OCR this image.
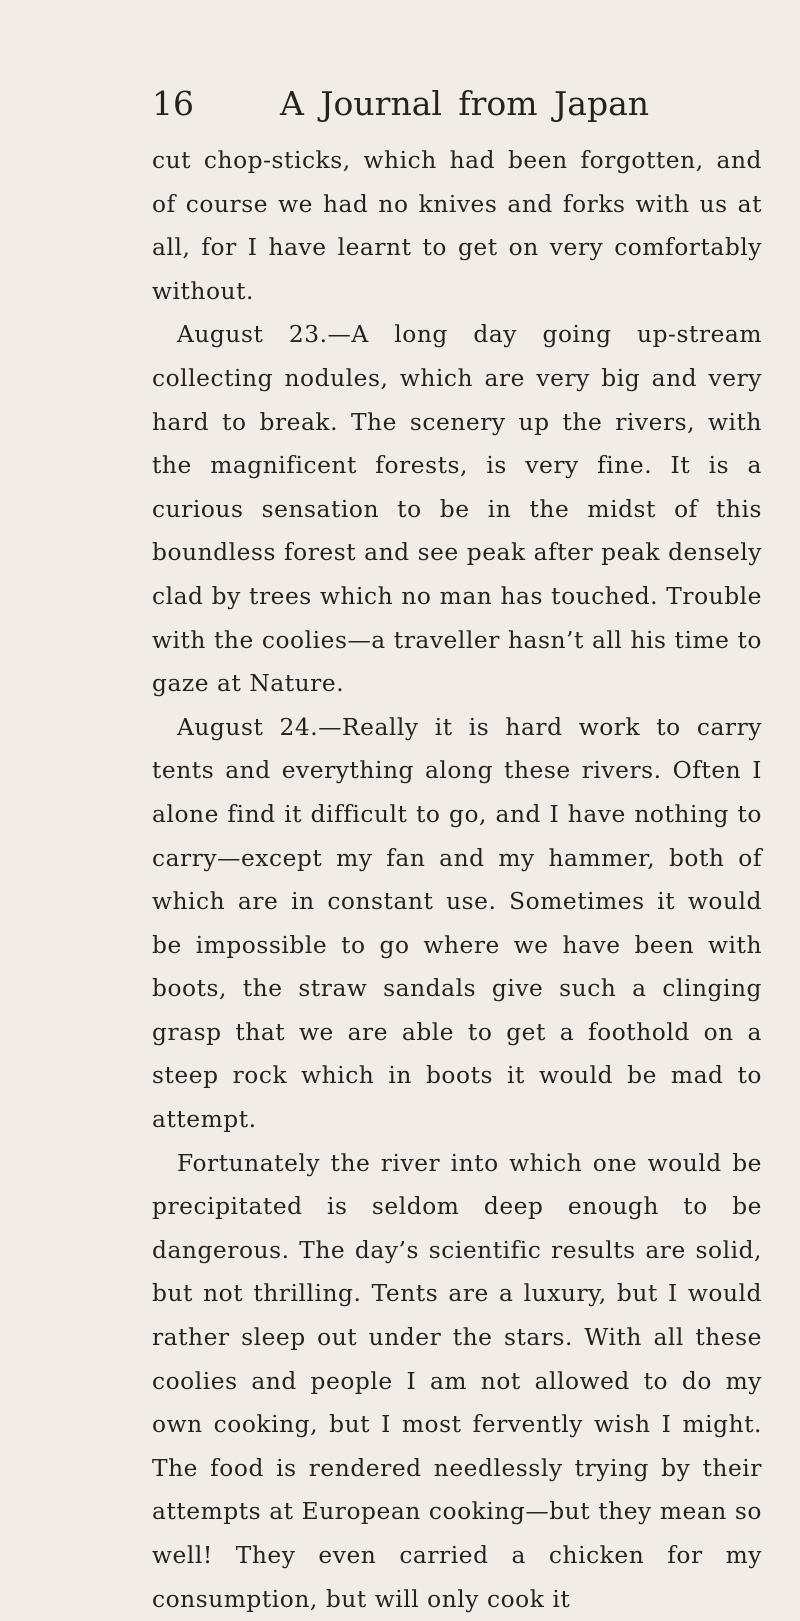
16	A Journal from Japan

cut chop-sticks, which had been forgotten, and of course we had no knives and forks with us at all, for I have learnt to get on very comfortably without.

August 23.—A long day going up-stream collecting nodules, which are very big and very hard to break. The scenery up the rivers, with the magnificent forests, is very fine. It is a curious sensation to be in the midst of this boundless forest and see peak after peak densely clad by trees which no man has touched. Trouble with the coolies—a traveller hasn’t all his time to gaze at Nature.

August 24.—Really it is hard work to carry tents and everything along these rivers. Often I alone find it difficult to go, and I have nothing to carry—except my fan and my hammer, both of which are in constant use. Sometimes it would be impossible to go where we have been with boots, the straw sandals give such a clinging grasp that we are able to get a foothold on a steep rock which in boots it would be mad to attempt.

Fortunately the river into which one would be precipitated is seldom deep enough to be dangerous. The day’s scientific results are solid, but not thrilling. Tents are a luxury, but I would rather sleep out under the stars. With all these coolies and people I am not allowed to do my own cooking, but I most fervently wish I might. The food is rendered needlessly trying by their attempts at European cooking—but they mean so well! They even carried a chicken for my consumption, but will only cook it
